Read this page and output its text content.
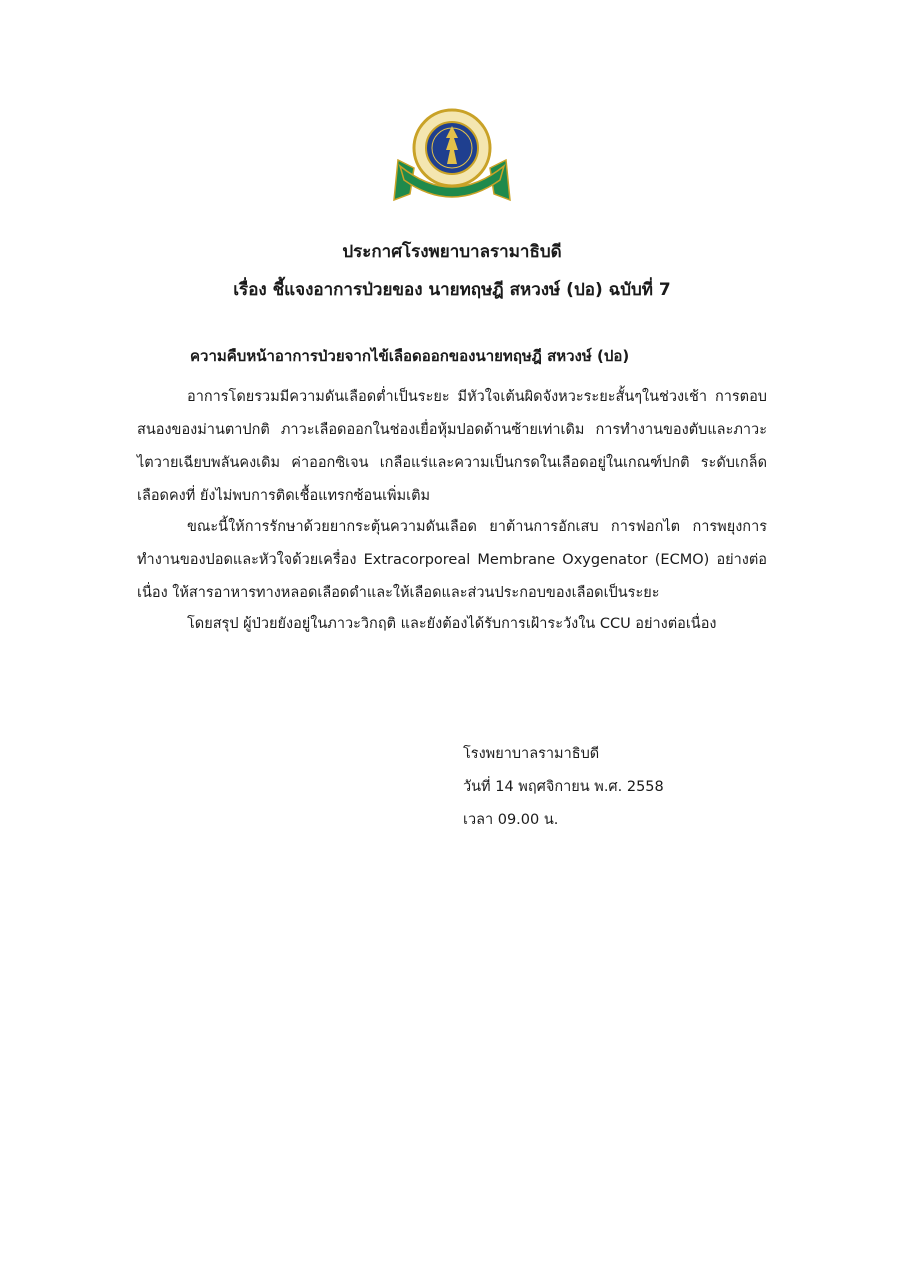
ประกาศโรงพยาบาลรามาธิบดี
เรื่อง ชี้แจงอาการป่วยของ นายทฤษฎี สหวงษ์ (ปอ) ฉบับที่ 7
ความคืบหน้าอาการป่วยจากไข้เลือดออกของนายทฤษฎี สหวงษ์ (ปอ)

อาการโดยรวมมีความดันเลือดต่ำเป็นระยะ มีหัวใจเต้นผิดจังหวะระยะสั้นๆในช่วงเช้า การตอบสนองของม่านตาปกติ ภาวะเลือดออกในช่องเยื่อหุ้มปอดด้านซ้ายเท่าเดิม การทำงานของตับและภาวะไตวายเฉียบพลันคงเดิม ค่าออกซิเจน เกลือแร่และความเป็นกรดในเลือดอยู่ในเกณฑ์ปกติ ระดับเกล็ดเลือดคงที่ ยังไม่พบการติดเชื้อแทรกซ้อนเพิ่มเติม

ขณะนี้ให้การรักษาด้วยยากระตุ้นความดันเลือด ยาต้านการอักเสบ การฟอกไต การพยุงการทำงานของปอดและหัวใจด้วยเครื่อง Extracorporeal Membrane Oxygenator (ECMO) อย่างต่อเนื่อง ให้สารอาหารทางหลอดเลือดดำและให้เลือดและส่วนประกอบของเลือดเป็นระยะ

โดยสรุป ผู้ป่วยยังอยู่ในภาวะวิกฤติ และยังต้องได้รับการเฝ้าระวังใน CCU อย่างต่อเนื่อง

โรงพยาบาลรามาธิบดี
วันที่ 14 พฤศจิกายน พ.ศ. 2558
เวลา 09.00 น.
